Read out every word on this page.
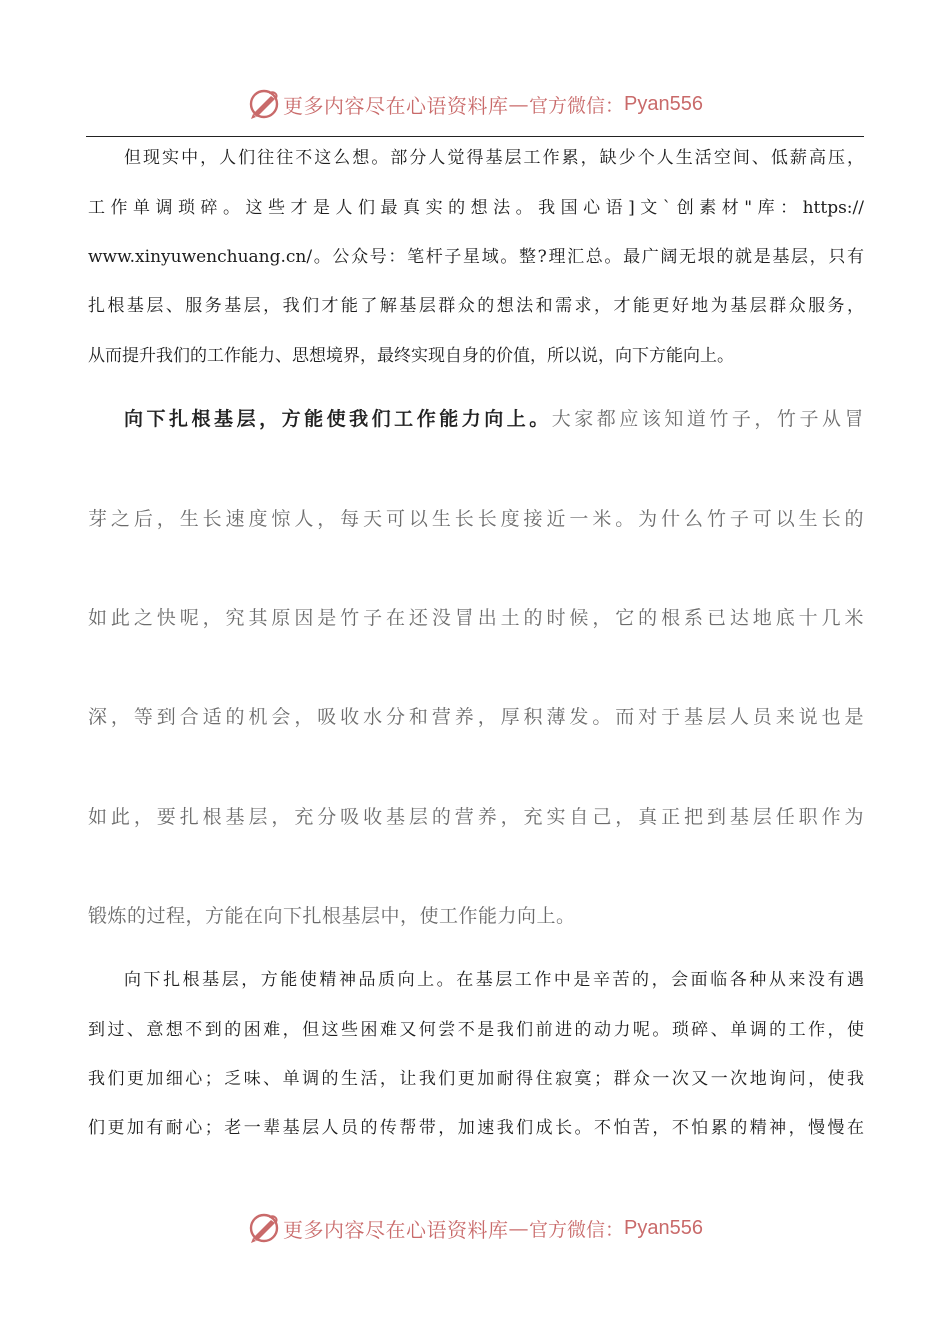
更多内容尽在心语资料库 — 官方微信： Pyan556
但现实中，人们往往不这么想。部分人觉得基层工作累，缺少个人生活空间、低薪高压，
工作单调琐碎。这些才是人们最真实的想法。我国心语]文`创素材"库：https://
www.xinyuwenchuang.cn/。公众号：笔杆子星域。整?理汇总。最广阔无垠的就是基层，只有
扎根基层、服务基层，我们才能了解基层群众的想法和需求，才能更好地为基层群众服务，
从而提升我们的工作能力、思想境界，最终实现自身的价值，所以说，向下方能向上。
向下扎根基层，方能使我们工作能力向上。大家都应该知道竹子，竹子从冒
芽之后，生长速度惊人，每天可以生长长度接近一米。为什么竹子可以生长的
如此之快呢，究其原因是竹子在还没冒出土的时候，它的根系已达地底十几米
深，等到合适的机会，吸收水分和营养，厚积薄发。而对于基层人员来说也是
如此，要扎根基层，充分吸收基层的营养，充实自己，真正把到基层任职作为
锻炼的过程，方能在向下扎根基层中，使工作能力向上。
向下扎根基层，方能使精神品质向上。在基层工作中是辛苦的，会面临各种从来没有遇
到过、意想不到的困难，但这些困难又何尝不是我们前进的动力呢。琐碎、单调的工作，使
我们更加细心；乏味、单调的生活，让我们更加耐得住寂寞；群众一次又一次地询问，使我
们更加有耐心；老一辈基层人员的传帮带，加速我们成长。不怕苦，不怕累的精神，慢慢在
更多内容尽在心语资料库 — 官方微信： Pyan556
